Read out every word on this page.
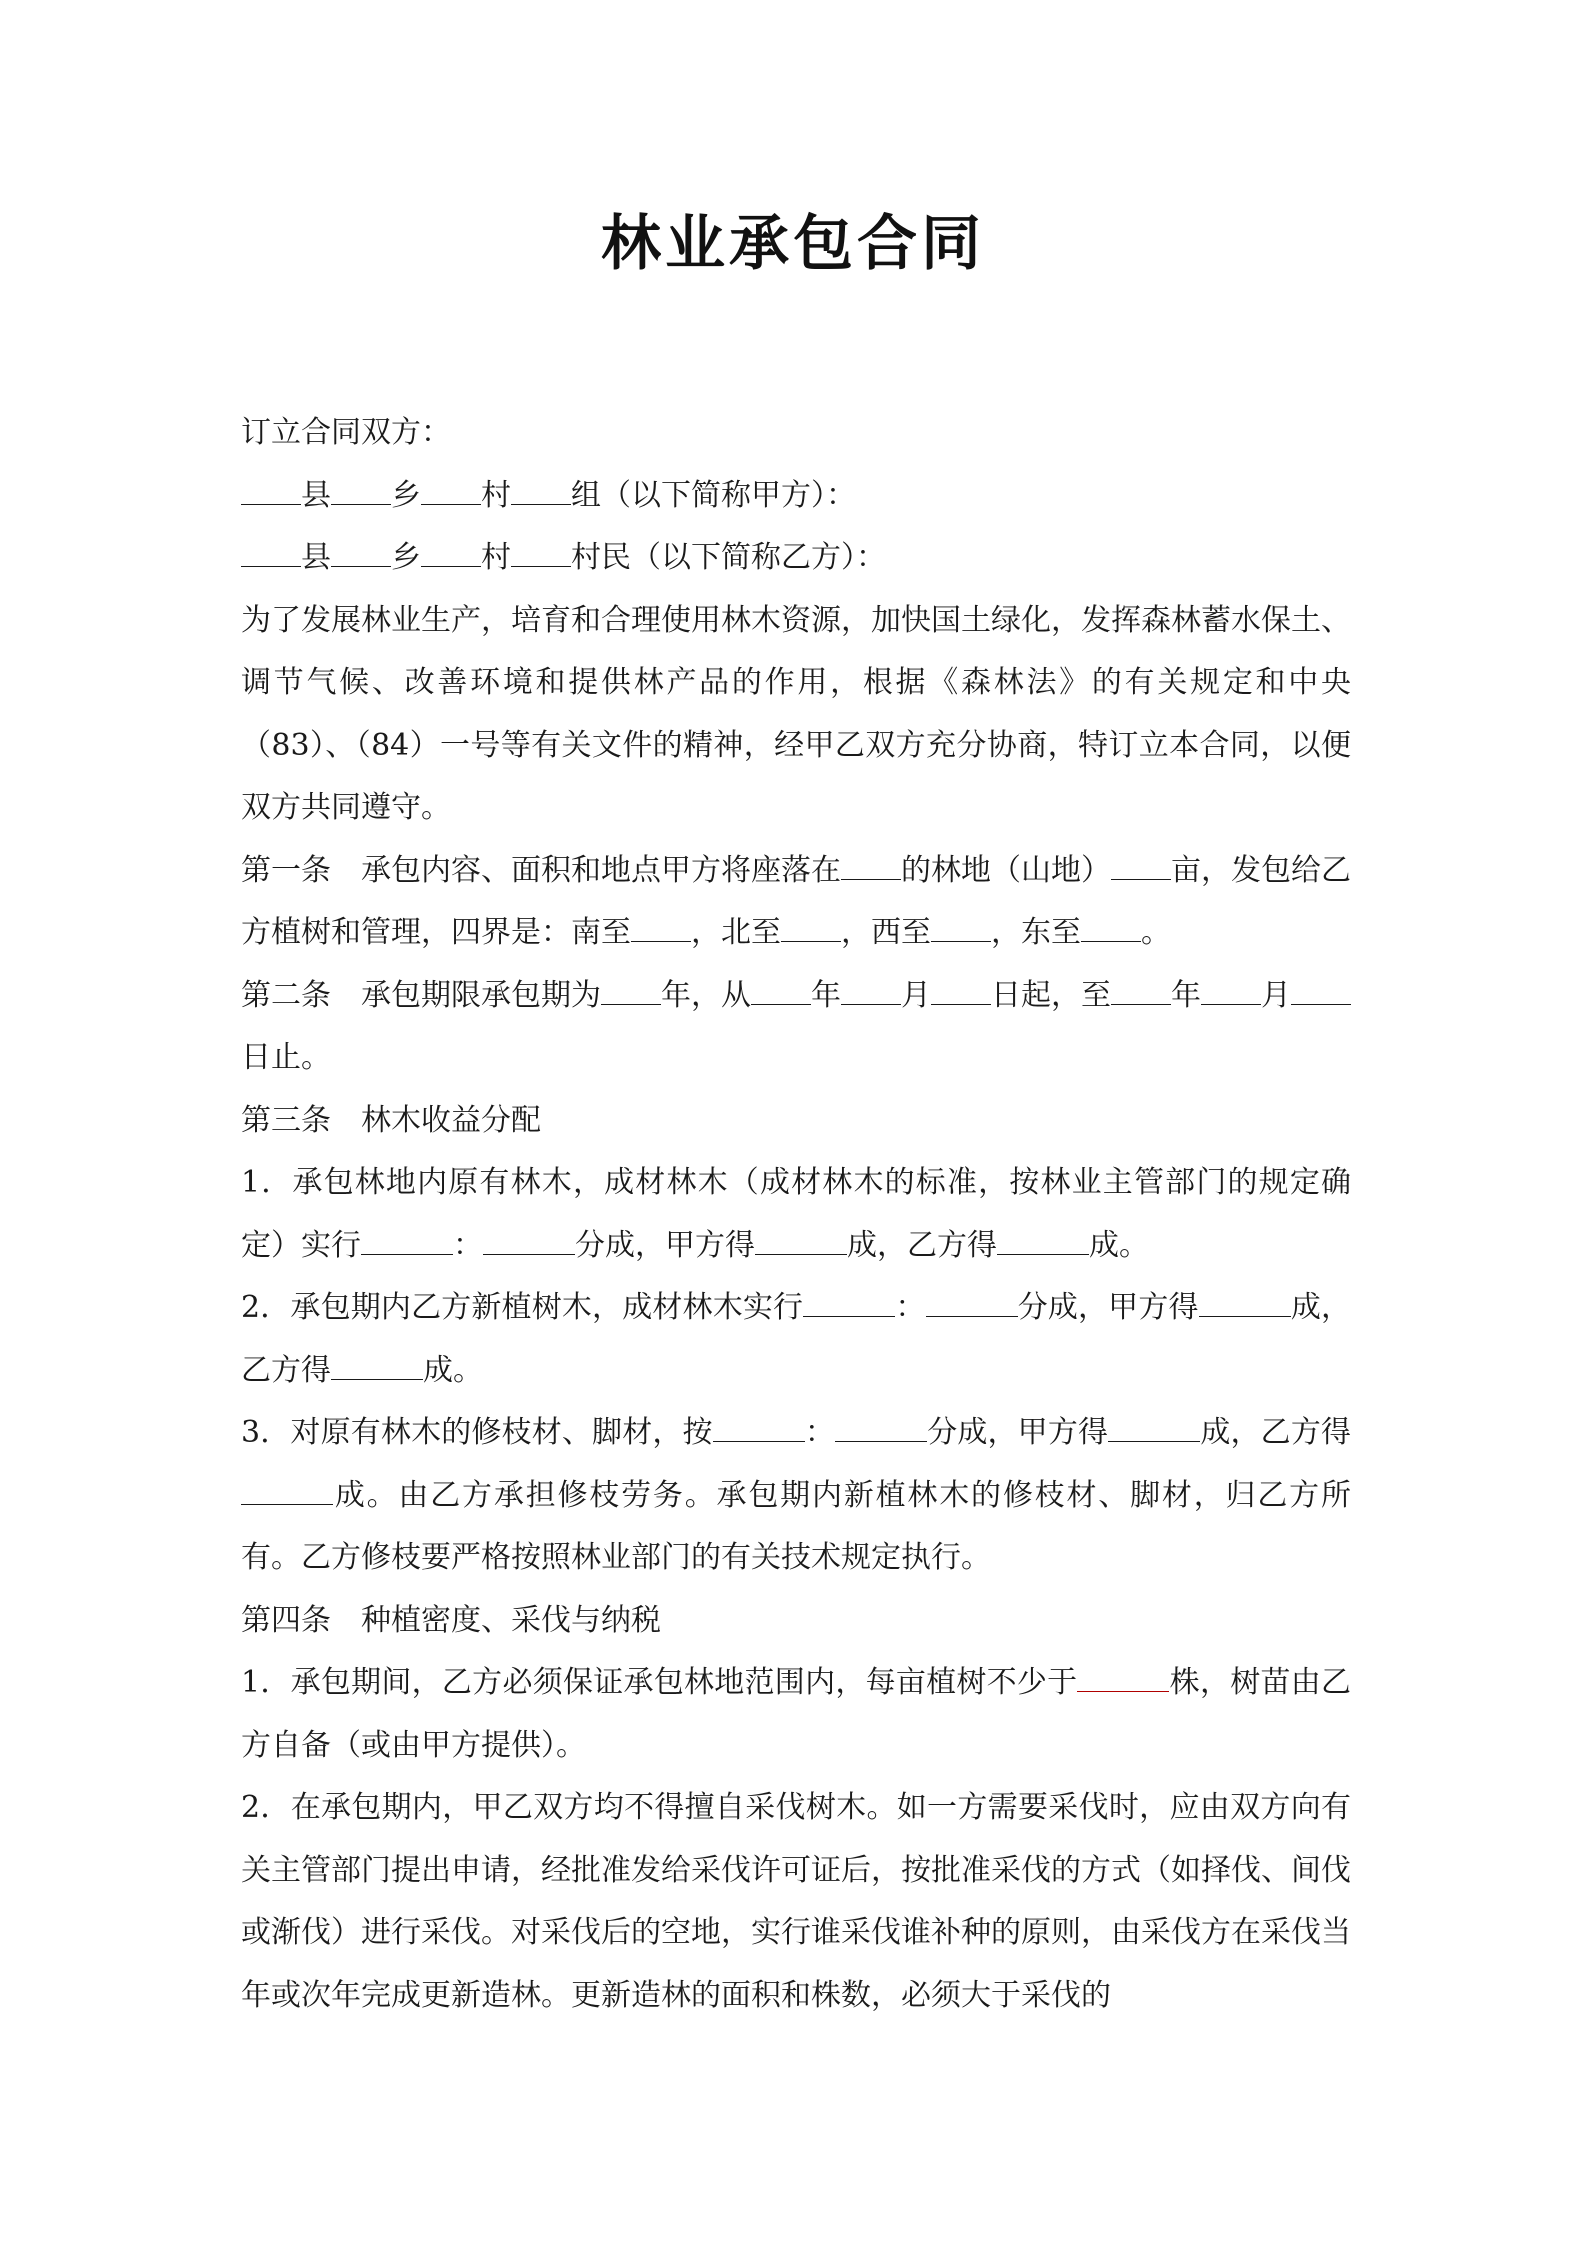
林业承包合同

订立合同双方：

县 乡 村 组（以下简称甲方）：

县 乡 村 村民（以下简称乙方）：

为了发展林业生产，培育和合理使用林木资源，加快国土绿化，发挥森林蓄水保土、调节气候、改善环境和提供林产品的作用，根据《森林法》的有关规定和中央（83）、（84）一号等有关文件的精神，经甲乙双方充分协商，特订立本合同，以便双方共同遵守。

第一条　承包内容、面积和地点甲方将座落在 的林地（山地） 亩，发包给乙方植树和管理，四界是：南至 ，北至 ，西至 ，东至 。

第二条　承包期限承包期为 年，从 年 月 日起，至 年 月日止。

第三条　林木收益分配

1．承包林地内原有林木，成材林木（成材林木的标准，按林业主管部门的规定确定）实行	：	分成，甲方得	成，乙方得	成。

2．承包期内乙方新植树木，成材林木实行	：	分成，甲方得	成，乙方得	成。

3．对原有林木的修枝材、脚材，按	：	分成，甲方得	成，乙方得成。由乙方承担修枝劳务。承包期内新植林木的修枝材、脚材，归乙方所有。乙方修枝要严格按照林业部门的有关技术规定执行。

第四条　种植密度、采伐与纳税

1．承包期间，乙方必须保证承包林地范围内，每亩植树不少于	株，树苗由乙方自备（或由甲方提供）。

2．在承包期内，甲乙双方均不得擅自采伐树木。如一方需要采伐时，应由双方向有关主管部门提出申请，经批准发给采伐许可证后，按批准采伐的方式（如择伐、间伐或渐伐）进行采伐。对采伐后的空地，实行谁采伐谁补种的原则，由采伐方在采伐当年或次年完成更新造林。更新造林的面积和株数，必须大于采伐的
